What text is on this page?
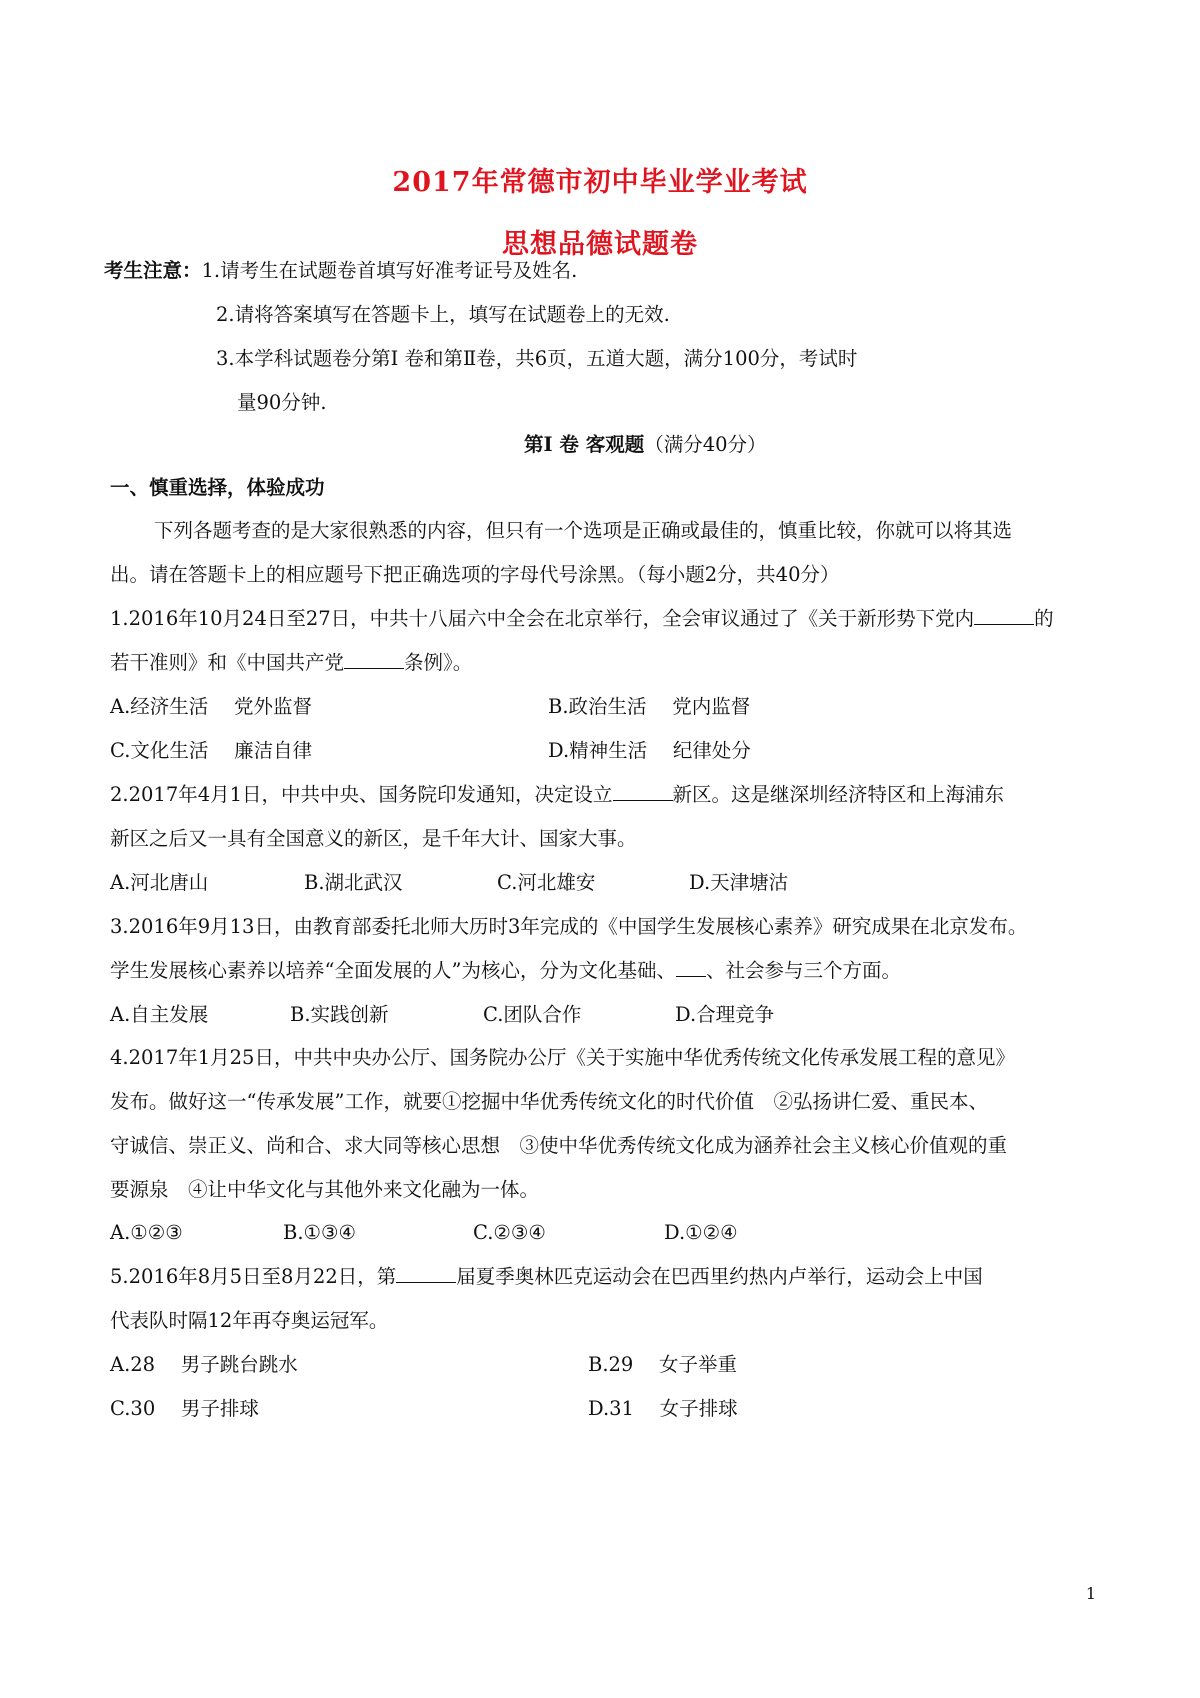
2017年常德市初中毕业学业考试
思想品德试题卷
考生注意：1.请考生在试题卷首填写好准考证号及姓名.
2.请将答案填写在答题卡上，填写在试题卷上的无效.
3.本学科试题卷分第Ⅰ 卷和第Ⅱ卷，共6页，五道大题，满分100分，考试时
量90分钟.
第Ⅰ 卷 客观题（满分40分）
一、慎重选择，体验成功
下列各题考查的是大家很熟悉的内容，但只有一个选项是正确或最佳的，慎重比较，你就可以将其选
出。请在答题卡上的相应题号下把正确选项的字母代号涂黑。（每小题2分，共40分）
1.2016年10月24日至27日，中共十八届六中全会在北京举行，全会审议通过了《关于新形势下党内	的
若干准则》和《中国共产党	条例》。
A.经济生活　 党外监督	B.政治生活　 党内监督
C.文化生活　 廉洁自律	D.精神生活　 纪律处分
2.2017年4月1日，中共中央、国务院印发通知，决定设立	新区。这是继深圳经济特区和上海浦东
新区之后又一具有全国意义的新区，是千年大计、国家大事。
A.河北唐山	B.湖北武汉	C.河北雄安	D.天津塘沽
3.2016年9月13日，由教育部委托北师大历时3年完成的《中国学生发展核心素养》研究成果在北京发布。
学生发展核心素养以培养“全面发展的人”为核心，分为文化基础、 、社会参与三个方面。
A.自主发展	B.实践创新	C.团队合作	D.合理竞争
4.2017年1月25日，中共中央办公厅、国务院办公厅《关于实施中华优秀传统文化传承发展工程的意见》
发布。做好这一“传承发展”工作，就要①挖掘中华优秀传统文化的时代价值　②弘扬讲仁爱、重民本、
守诚信、崇正义、尚和合、求大同等核心思想　③使中华优秀传统文化成为涵养社会主义核心价值观的重
要源泉　④让中华文化与其他外来文化融为一体。
A.①②③	B.①③④	C.②③④	D.①②④
5.2016年8月5日至8月22日，第	届夏季奥林匹克运动会在巴西里约热内卢举行，运动会上中国
代表队时隔12年再夺奥运冠军。
A.28　 男子跳台跳水	B.29　 女子举重
C.30　 男子排球	D.31　 女子排球
1
